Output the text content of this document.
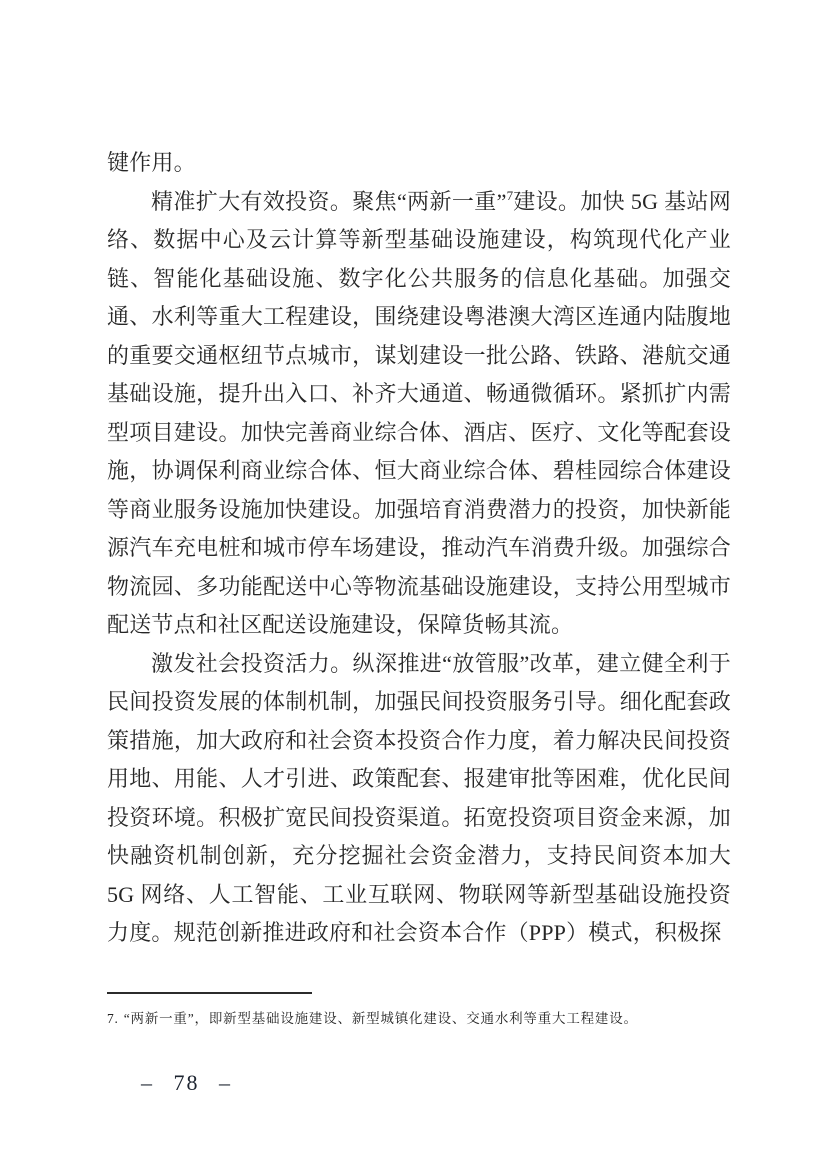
键作用。

精准扩大有效投资。聚焦“两新一重”$^7$建设。加快 5G 基站网络、数据中心及云计算等新型基础设施建设，构筑现代化产业链、智能化基础设施、数字化公共服务的信息化基础。加强交通、水利等重大工程建设，围绕建设粤港澳大湾区连通内陆腹地的重要交通枢纽节点城市，谋划建设一批公路、铁路、港航交通基础设施，提升出入口、补齐大通道、畅通微循环。紧抓扩内需型项目建设。加快完善商业综合体、酒店、医疗、文化等配套设施，协调保利商业综合体、恒大商业综合体、碧桂园综合体建设等商业服务设施加快建设。加强培育消费潜力的投资，加快新能源汽车充电桩和城市停车场建设，推动汽车消费升级。加强综合物流园、多功能配送中心等物流基础设施建设，支持公用型城市配送节点和社区配送设施建设，保障货畅其流。

激发社会投资活力。纵深推进“放管服”改革，建立健全利于民间投资发展的体制机制，加强民间投资服务引导。细化配套政策措施，加大政府和社会资本投资合作力度，着力解决民间投资用地、用能、人才引进、政策配套、报建审批等困难，优化民间投资环境。积极扩宽民间投资渠道。拓宽投资项目资金来源，加快融资机制创新，充分挖掘社会资金潜力，支持民间资本加大 5G 网络、人工智能、工业互联网、物联网等新型基础设施投资力度。规范创新推进政府和社会资本合作（PPP）模式，积极探

7. “两新一重”，即新型基础设施建设、新型城镇化建设、交通水利等重大工程建设。
– 78 –
